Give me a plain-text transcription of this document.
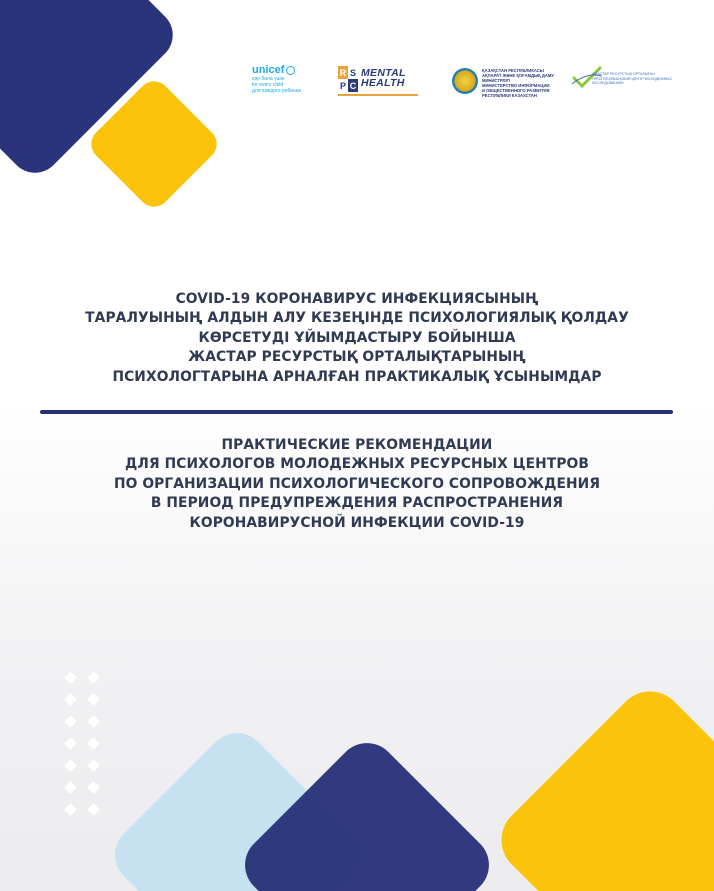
unicef
ҳәр бала үшін
for every child
для каждого ребенка
R S
P C
MENTAL
HEALTH
ҚАЗАҚСТАН РЕСПУБЛИКАСЫ
АҚПАРАТ ЖӘНЕ ҚОҒАМДЫҚ ДАМУ
МИНИСТРЛІГІ
МИНИСТЕРСТВО ИНФОРМАЦИИ
И ОБЩЕСТВЕННОГО РАЗВИТИЯ
РЕСПУБЛИКИ КАЗАХСТАН
«ЖАСТАР РЕСУРСТЫҚ ОРТАЛЫҒЫ»
«РЕСПУБЛИКАНСКИЙ ЦЕНТР МОЛОДЕЖНЫХ
ИССЛЕДОВАНИЙ»
COVID-19 КОРОНАВИРУС ИНФЕКЦИЯСЫНЫҢ
ТАРАЛУЫНЫҢ АЛДЫН АЛУ КЕЗЕҢІНДЕ ПСИХОЛОГИЯЛЫҚ ҚОЛДАУ
КӨРСЕТУДІ ҰЙЫМДАСТЫРУ БОЙЫНША
ЖАСТАР РЕСУРСТЫҚ ОРТАЛЫҚТАРЫНЫҢ
ПСИХОЛОГТАРЫНА АРНАЛҒАН ПРАКТИКАЛЫҚ ҰСЫНЫМДАР
ПРАКТИЧЕСКИЕ РЕКОМЕНДАЦИИ
ДЛЯ ПСИХОЛОГОВ МОЛОДЕЖНЫХ РЕСУРСНЫХ ЦЕНТРОВ
ПО ОРГАНИЗАЦИИ ПСИХОЛОГИЧЕСКОГО СОПРОВОЖДЕНИЯ
В ПЕРИОД ПРЕДУПРЕЖДЕНИЯ РАСПРОСТРАНЕНИЯ
КОРОНАВИРУСНОЙ ИНФЕКЦИИ COVID-19
